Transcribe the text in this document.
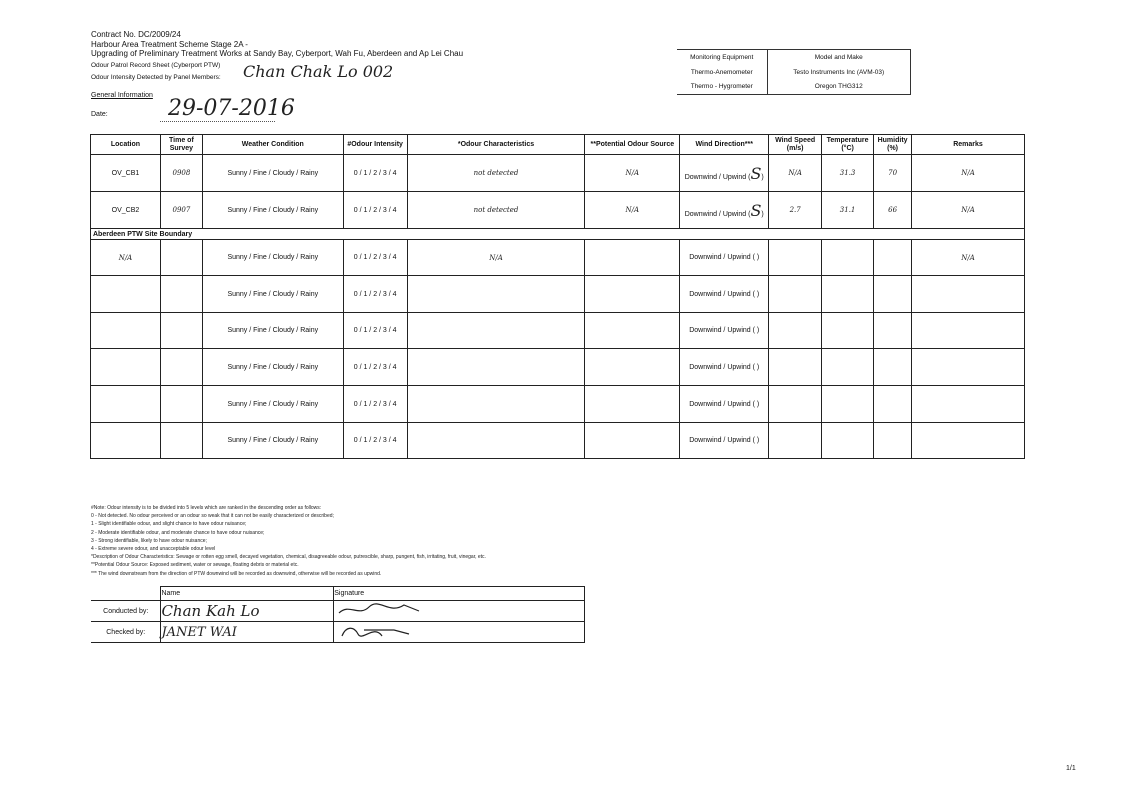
Contract No. DC/2009/24
Harbour Area Treatment Scheme Stage 2A -
Upgrading of Preliminary Treatment Works at Sandy Bay, Cyberport, Wah Fu, Aberdeen and Ap Lei Chau
Odour Patrol Record Sheet (Cyberport PTW)
Odour Intensity Detected by Panel Members:	Chan Chak Lo 002
General Information
Date:	29-07-2016
Monitoring Equipment	Model and Make
Thermo-Anemometer	Testo Instruments Inc (AVM-03)
Thermo - Hygrometer	Oregon THG312
Location	Time of Survey	Weather Condition	#Odour Intensity	*Odour Characteristics	**Potential Odour Source	Wind Direction***	Wind Speed (m/s)	Temperature (°C)	Humidity (%)	Remarks
OV_CB1	0908	Sunny / Fine / Cloudy / Rainy	0 / 1 / 2 / 3 / 4	not detected	N/A	Downwind / Upwind (S)	N/A	31.3	70	N/A
OV_CB2	0907	Sunny / Fine / Cloudy / Rainy	0 / 1 / 2 / 3 / 4	not detected	N/A	Downwind / Upwind (S)	2.7	31.1	66	N/A
Aberdeen PTW Site Boundary										
N/A		Sunny / Fine / Cloudy / Rainy	0 / 1 / 2 / 3 / 4	N/A		Downwind / Upwind ( )				N/A
		Sunny / Fine / Cloudy / Rainy	0 / 1 / 2 / 3 / 4			Downwind / Upwind ( )				
		Sunny / Fine / Cloudy / Rainy	0 / 1 / 2 / 3 / 4			Downwind / Upwind ( )				
		Sunny / Fine / Cloudy / Rainy	0 / 1 / 2 / 3 / 4			Downwind / Upwind ( )				
		Sunny / Fine / Cloudy / Rainy	0 / 1 / 2 / 3 / 4			Downwind / Upwind ( )				
		Sunny / Fine / Cloudy / Rainy	0 / 1 / 2 / 3 / 4			Downwind / Upwind ( )				
#Note: Odour intensity is to be divided into 5 levels which are ranked in the descending order as follows:
0 - Not detected. No odour perceived or an odour so weak that it can not be easily characterized or described;
1 - Slight identifiable odour, and slight chance to have odour nuisance;
2 - Moderate identifiable odour, and moderate chance to have odour nuisance;
3 - Strong identifiable, likely to have odour nuisance;
4 - Extreme severe odour, and unacceptable odour level
*Description of Odour Characteristics: Sewage or rotten egg smell, decayed vegetation, chemical, disagreeable odour, putrescible, sharp, pungent, fish, irritating, fruit, vinegar, etc.
**Potential Odour Source: Exposed sediment, water or sewage, floating debris or material etc.
*** The wind downstream from the direction of PTW downwind will be recorded as downwind, otherwise will be recorded as upwind.
	Name	Signature
Conducted by:	Chan Kah Lo	
Checked by:	JANET WAI	
1/1
